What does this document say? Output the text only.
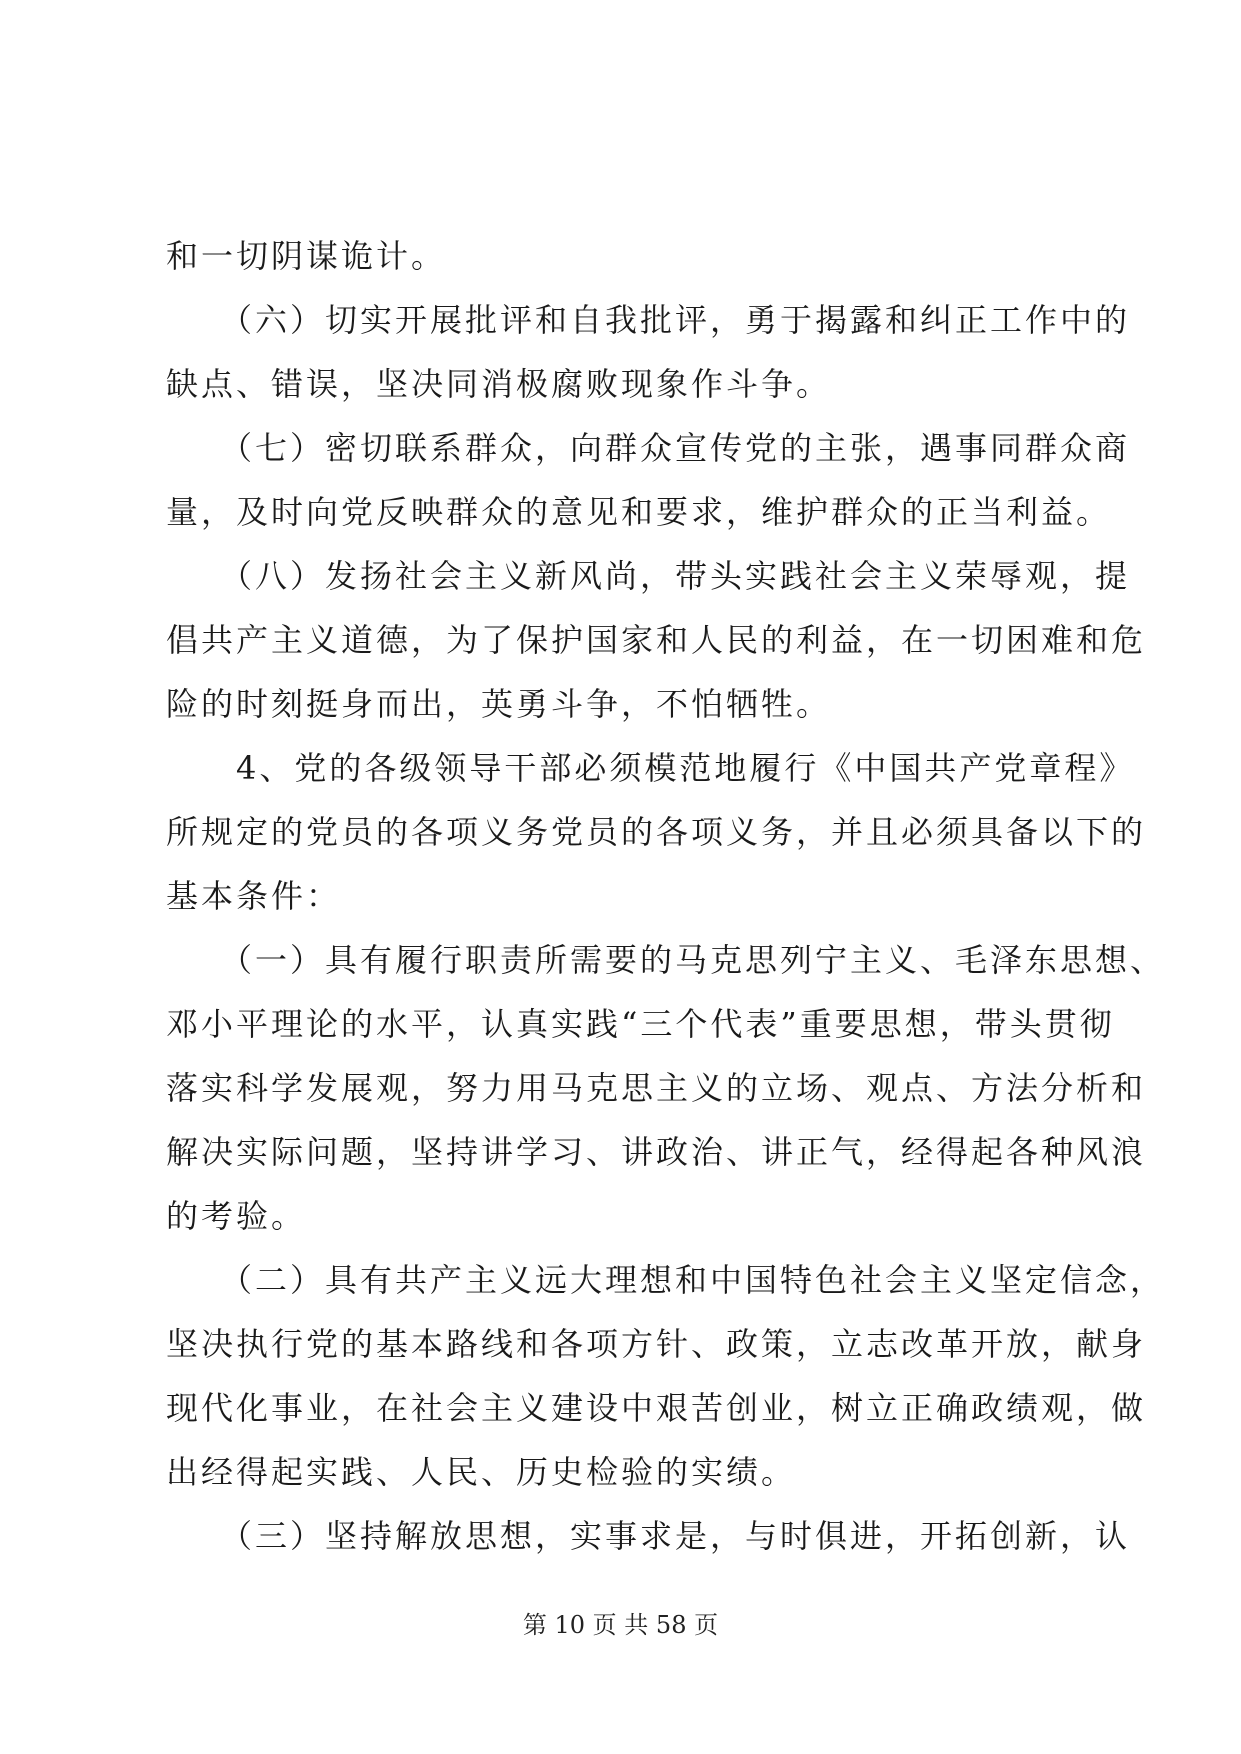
和一切阴谋诡计。
　　（六）切实开展批评和自我批评，勇于揭露和纠正工作中的
缺点、错误，坚决同消极腐败现象作斗争。
　　（七）密切联系群众，向群众宣传党的主张，遇事同群众商
量，及时向党反映群众的意见和要求，维护群众的正当利益。
　　（八）发扬社会主义新风尚，带头实践社会主义荣辱观，提
倡共产主义道德，为了保护国家和人民的利益，在一切困难和危
险的时刻挺身而出，英勇斗争，不怕牺牲。
　　4、党的各级领导干部必须模范地履行《中国共产党章程》
所规定的党员的各项义务党员的各项义务，并且必须具备以下的
基本条件：
　　（一）具有履行职责所需要的马克思列宁主义、毛泽东思想、
邓小平理论的水平，认真实践“三个代表”重要思想，带头贯彻
落实科学发展观，努力用马克思主义的立场、观点、方法分析和
解决实际问题，坚持讲学习、讲政治、讲正气，经得起各种风浪
的考验。
　　（二）具有共产主义远大理想和中国特色社会主义坚定信念，
坚决执行党的基本路线和各项方针、政策，立志改革开放，献身
现代化事业，在社会主义建设中艰苦创业，树立正确政绩观，做
出经得起实践、人民、历史检验的实绩。
　　（三）坚持解放思想，实事求是，与时俱进，开拓创新，认
第 10 页 共 58 页
